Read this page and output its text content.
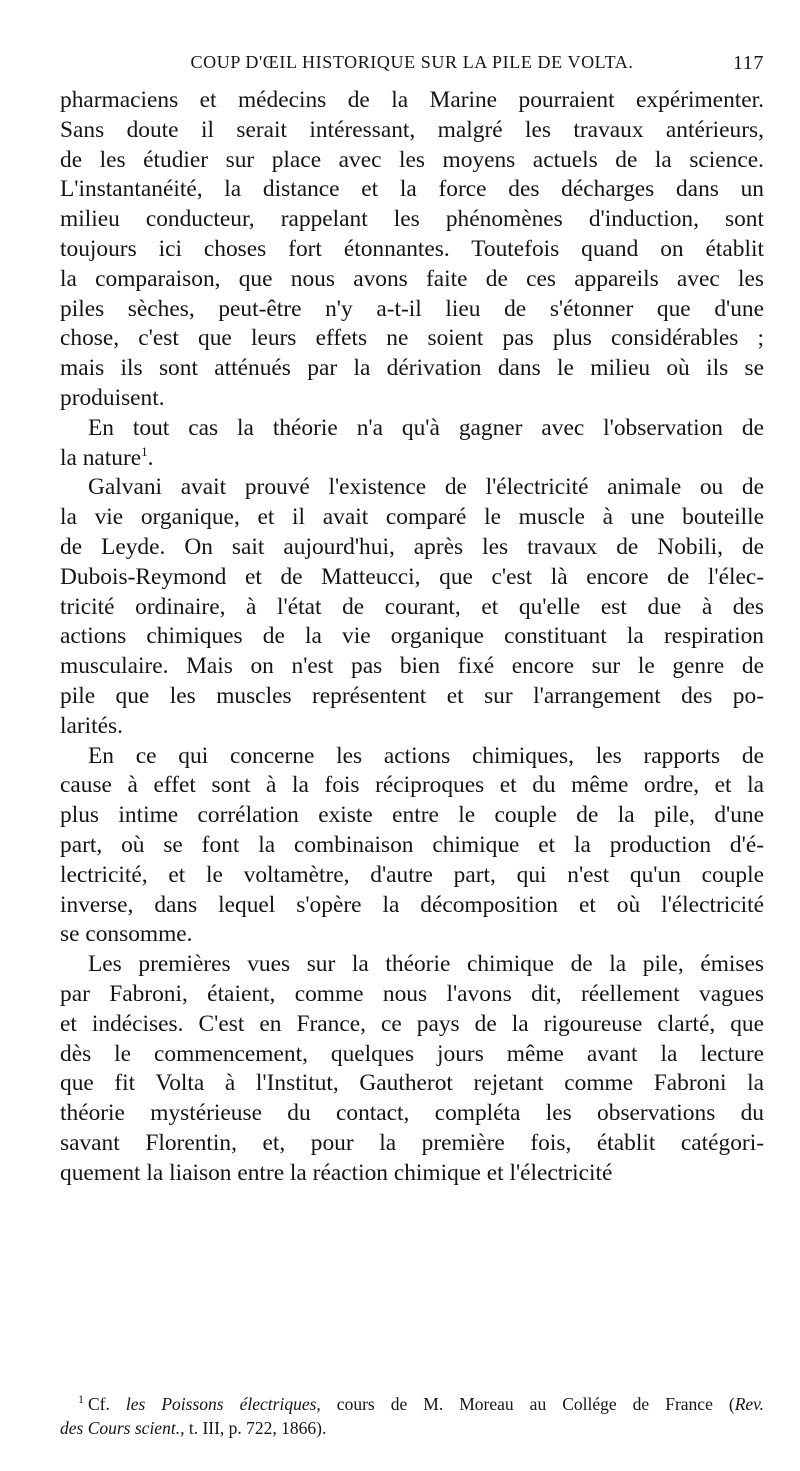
COUP D'ŒIL HISTORIQUE SUR LA PILE DE VOLTA.	117

pharmaciens et médecins de la Marine pourraient expérimenter.
Sans doute il serait intéressant, malgré les travaux antérieurs,
de les étudier sur place avec les moyens actuels de la science.
L'instantanéité, la distance et la force des décharges dans un
milieu conducteur, rappelant les phénomènes d'induction, sont
toujours ici choses fort étonnantes. Toutefois quand on établit
la comparaison, que nous avons faite de ces appareils avec les
piles sèches, peut-être n'y a-t-il lieu de s'étonner que d'une
chose, c'est que leurs effets ne soient pas plus considérables ;
mais ils sont atténués par la dérivation dans le milieu où ils se
produisent.

En tout cas la théorie n'a qu'à gagner avec l'observation de
la nature$^1$.

Galvani avait prouvé l'existence de l'électricité animale ou de
la vie organique, et il avait comparé le muscle à une bouteille
de Leyde. On sait aujourd'hui, après les travaux de Nobili, de
Dubois-Reymond et de Matteucci, que c'est là encore de l'élec-
tricité ordinaire, à l'état de courant, et qu'elle est due à des
actions chimiques de la vie organique constituant la respiration
musculaire. Mais on n'est pas bien fixé encore sur le genre de
pile que les muscles représentent et sur l'arrangement des po-
larités.

En ce qui concerne les actions chimiques, les rapports de
cause à effet sont à la fois réciproques et du même ordre, et la
plus intime corrélation existe entre le couple de la pile, d'une
part, où se font la combinaison chimique et la production d'é-
lectricité, et le voltamètre, d'autre part, qui n'est qu'un couple
inverse, dans lequel s'opère la décomposition et où l'électricité
se consomme.

Les premières vues sur la théorie chimique de la pile, émises
par Fabroni, étaient, comme nous l'avons dit, réellement vagues
et indécises. C'est en France, ce pays de la rigoureuse clarté, que
dès le commencement, quelques jours même avant la lecture
que fit Volta à l'Institut, Gautherot rejetant comme Fabroni la
théorie mystérieuse du contact, compléta les observations du
savant Florentin, et, pour la première fois, établit catégori-
quement la liaison entre la réaction chimique et l'électricité

$^1$ Cf. les Poissons électriques, cours de M. Moreau au Collége de France (Rev.
des Cours scient., t. III, p. 722, 1866).
